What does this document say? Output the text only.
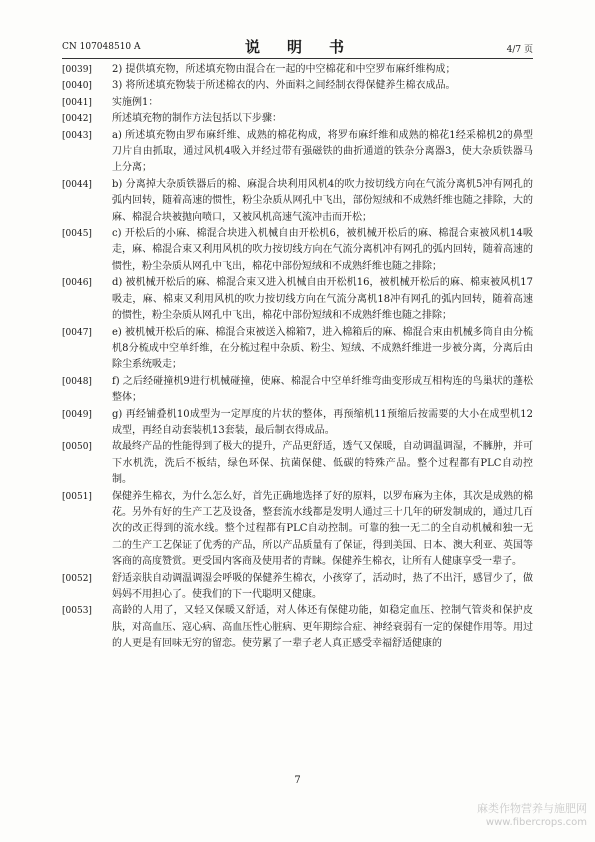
CN 107048510 A	说　明　书	4/7 页
[0039]	2) 提供填充物，所述填充物由混合在一起的中空棉花和中空罗布麻纤维构成；
[0040]	3) 将所述填充物装于所述棉衣的内、外面料之间经制衣得保健养生棉衣成品。
[0041]	实施例1：
[0042]	所述填充物的制作方法包括以下步骤：
[0043]	a) 所述填充物由罗布麻纤维、成熟的棉花构成，将罗布麻纤维和成熟的棉花1经采棉机2的鼻型刀片自由抓取，通过风机4吸入并经过带有强磁铁的曲折通道的铁杂分离器3，使大杂质铁器马上分离；
[0044]	b) 分离掉大杂质铁器后的棉、麻混合块利用风机4的吹力按切线方向在气流分离机5冲有网孔的弧内回转，随着高速的惯性，粉尘杂质从网孔中飞出，部份短绒和不成熟纤维也随之排除，大的麻、棉混合块被抛向喷口，又被风机高速气流冲击而开松；
[0045]	c) 开松后的小麻、棉混合块进入机械自由开松机6，被机械开松后的麻、棉混合束被风机14吸走，麻、棉混合束又利用风机的吹力按切线方向在气流分离机冲有网孔的弧内回转，随着高速的惯性，粉尘杂质从网孔中飞出，棉花中部份短绒和不成熟纤维也随之排除；
[0046]	d) 被机械开松后的麻、棉混合束又进入机械自由开松机16，被机械开松后的麻、棉束被风机17吸走，麻、棉束又利用风机的吹力按切线方向在气流分离机18冲有网孔的弧内回转，随着高速的惯性，粉尘杂质从网孔中飞出，棉花中部份短绒和不成熟纤维也随之排除；
[0047]	e) 被机械开松后的麻、棉混合束被送入棉箱7，进入棉箱后的麻、棉混合束由机械多筒自由分梳机8分梳成中空单纤维，在分梳过程中杂质、粉尘、短绒、不成熟纤维进一步被分离，分离后由除尘系统吸走；
[0048]	f) 之后经碰撞机9进行机械碰撞，使麻、棉混合中空单纤维弯曲变形成互相构连的鸟巢状的蓬松整体；
[0049]	g) 再经铺叠机10成型为一定厚度的片状的整体，再预缩机11预缩后按需要的大小在成型机12成型，再经自动套装机13套装，最后制衣得成品。
[0050]	故最终产品的性能得到了极大的提升，产品更舒适，透气又保暖，自动调温调湿，不臃肿，并可下水机洗，洗后不板结，绿色环保、抗菌保健、低碳的特殊产品。整个过程都有PLC自动控制。
[0051]	保健养生棉衣，为什么怎么好，首先正确地选择了好的原料，以罗布麻为主体，其次是成熟的棉花。另外有好的生产工艺及设备，整套流水线都是发明人通过三十几年的研发制成的，通过几百次的改正得到的流水线。整个过程都有PLC自动控制。可靠的独一无二的全自动机械和独一无二的生产工艺保证了优秀的产品，所以产品质量有了保证，得到美国、日本、澳大利亚、英国等客商的高度赞赏。更受国内客商及使用者的青睐。保健养生棉衣，让所有人健康享受一辈子。
[0052]	舒适亲肤自动调温调湿会呼吸的保健养生棉衣，小孩穿了，活动时，热了不出汗，感冒少了，做妈妈不用担心了。使我们的下一代聪明又健康。
[0053]	高龄的人用了，又轻又保暖又舒适，对人体还有保健功能，如稳定血压、控制气管炎和保护皮肤，对高血压、寇心病、高血压性心脏病、更年期综合症、神经衰弱有一定的保健作用等。用过的人更是有回味无穷的留恋。使劳累了一辈子老人真正感受幸福舒适健康的
7
麻类作物营养与施肥网
www.fibercrops.com
